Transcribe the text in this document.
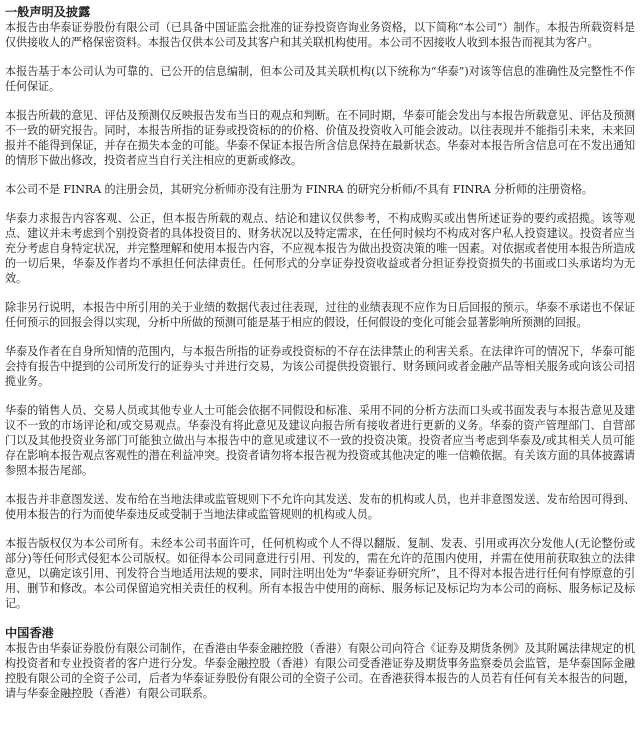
一般声明及披露

本报告由华泰证券股份有限公司（已具备中国证监会批准的证券投资咨询业务资格，以下简称“本公司”）制作。本报告所载资料是仅供接收人的严格保密资料。本报告仅供本公司及其客户和其关联机构使用。本公司不因接收人收到本报告而视其为客户。

本报告基于本公司认为可靠的、已公开的信息编制，但本公司及其关联机构(以下统称为“华泰”)对该等信息的准确性及完整性不作任何保证。

本报告所载的意见、评估及预测仅反映报告发布当日的观点和判断。在不同时期，华泰可能会发出与本报告所载意见、评估及预测不一致的研究报告。同时，本报告所指的证券或投资标的的价格、价值及投资收入可能会波动。以往表现并不能指引未来，未来回报并不能得到保证，并存在损失本金的可能。华泰不保证本报告所含信息保持在最新状态。华泰对本报告所含信息可在不发出通知的情形下做出修改，投资者应当自行关注相应的更新或修改。

本公司不是 FINRA 的注册会员，其研究分析师亦没有注册为 FINRA 的研究分析师/不具有 FINRA 分析师的注册资格。

华泰力求报告内容客观、公正，但本报告所载的观点、结论和建议仅供参考，不构成购买或出售所述证券的要约或招揽。该等观点、建议并未考虑到个别投资者的具体投资目的、财务状况以及特定需求，在任何时候均不构成对客户私人投资建议。投资者应当充分考虑自身特定状况，并完整理解和使用本报告内容，不应视本报告为做出投资决策的唯一因素。对依据或者使用本报告所造成的一切后果，华泰及作者均不承担任何法律责任。任何形式的分享证券投资收益或者分担证券投资损失的书面或口头承诺均为无效。

除非另行说明，本报告中所引用的关于业绩的数据代表过往表现，过往的业绩表现不应作为日后回报的预示。华泰不承诺也不保证任何预示的回报会得以实现，分析中所做的预测可能是基于相应的假设，任何假设的变化可能会显著影响所预测的回报。

华泰及作者在自身所知情的范围内，与本报告所指的证券或投资标的不存在法律禁止的利害关系。在法律许可的情况下，华泰可能会持有报告中提到的公司所发行的证券头寸并进行交易，为该公司提供投资银行、财务顾问或者金融产品等相关服务或向该公司招揽业务。

华泰的销售人员、交易人员或其他专业人士可能会依据不同假设和标准、采用不同的分析方法而口头或书面发表与本报告意见及建议不一致的市场评论和/或交易观点。华泰没有将此意见及建议向报告所有接收者进行更新的义务。华泰的资产管理部门、自营部门以及其他投资业务部门可能独立做出与本报告中的意见或建议不一致的投资决策。投资者应当考虑到华泰及/或其相关人员可能存在影响本报告观点客观性的潜在利益冲突。投资者请勿将本报告视为投资或其他决定的唯一信赖依据。有关该方面的具体披露请参照本报告尾部。

本报告并非意图发送、发布给在当地法律或监管规则下不允许向其发送、发布的机构或人员，也并非意图发送、发布给因可得到、使用本报告的行为而使华泰违反或受制于当地法律或监管规则的机构或人员。

本报告版权仅为本公司所有。未经本公司书面许可，任何机构或个人不得以翻版、复制、发表、引用或再次分发他人(无论整份或部分)等任何形式侵犯本公司版权。如征得本公司同意进行引用、刊发的，需在允许的范围内使用，并需在使用前获取独立的法律意见，以确定该引用、刊发符合当地适用法规的要求，同时注明出处为“华泰证券研究所”，且不得对本报告进行任何有悖原意的引用、删节和修改。本公司保留追究相关责任的权利。所有本报告中使用的商标、服务标记及标记均为本公司的商标、服务标记及标记。

中国香港

本报告由华泰证券股份有限公司制作，在香港由华泰金融控股（香港）有限公司向符合《证券及期货条例》及其附属法律规定的机构投资者和专业投资者的客户进行分发。华泰金融控股（香港）有限公司受香港证券及期货事务监察委员会监管，是华泰国际金融控股有限公司的全资子公司，后者为华泰证券股份有限公司的全资子公司。在香港获得本报告的人员若有任何有关本报告的问题，请与华泰金融控股（香港）有限公司联系。
